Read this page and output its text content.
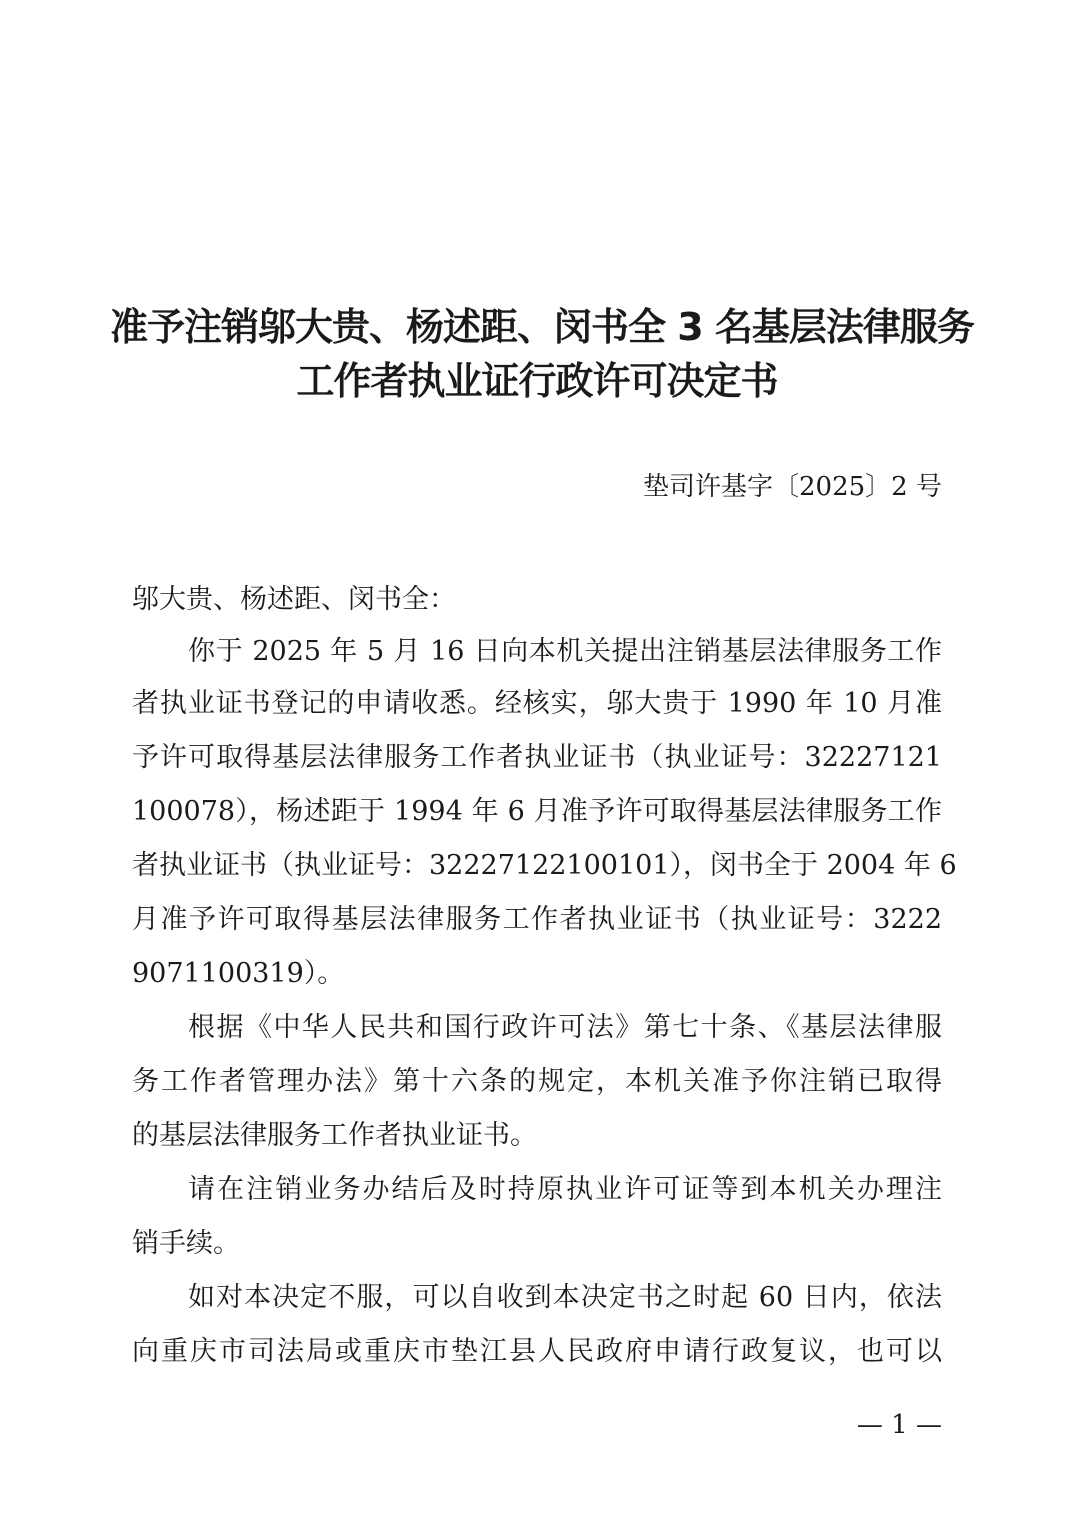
准予注销邬大贵、杨述距、闵书全 3 名基层法律服务
工作者执业证行政许可决定书
垫司许基字〔2025〕2 号
邬大贵、杨述距、闵书全：
你于 2025 年 5 月 16 日向本机关提出注销基层法律服务工作
者执业证书登记的申请收悉。经核实，邬大贵于 1990 年 10 月准
予许可取得基层法律服务工作者执业证书（执业证号：32227121
100078），杨述距于 1994 年 6 月准予许可取得基层法律服务工作
者执业证书（执业证号：32227122100101），闵书全于 2004 年 6
月准予许可取得基层法律服务工作者执业证书（执业证号：3222
9071100319）。
根据《中华人民共和国行政许可法》第七十条、《基层法律服
务工作者管理办法》第十六条的规定，本机关准予你注销已取得
的基层法律服务工作者执业证书。
请在注销业务办结后及时持原执业许可证等到本机关办理注
销手续。
如对本决定不服，可以自收到本决定书之时起 60 日内，依法
向重庆市司法局或重庆市垫江县人民政府申请行政复议，也可以
— 1 —
